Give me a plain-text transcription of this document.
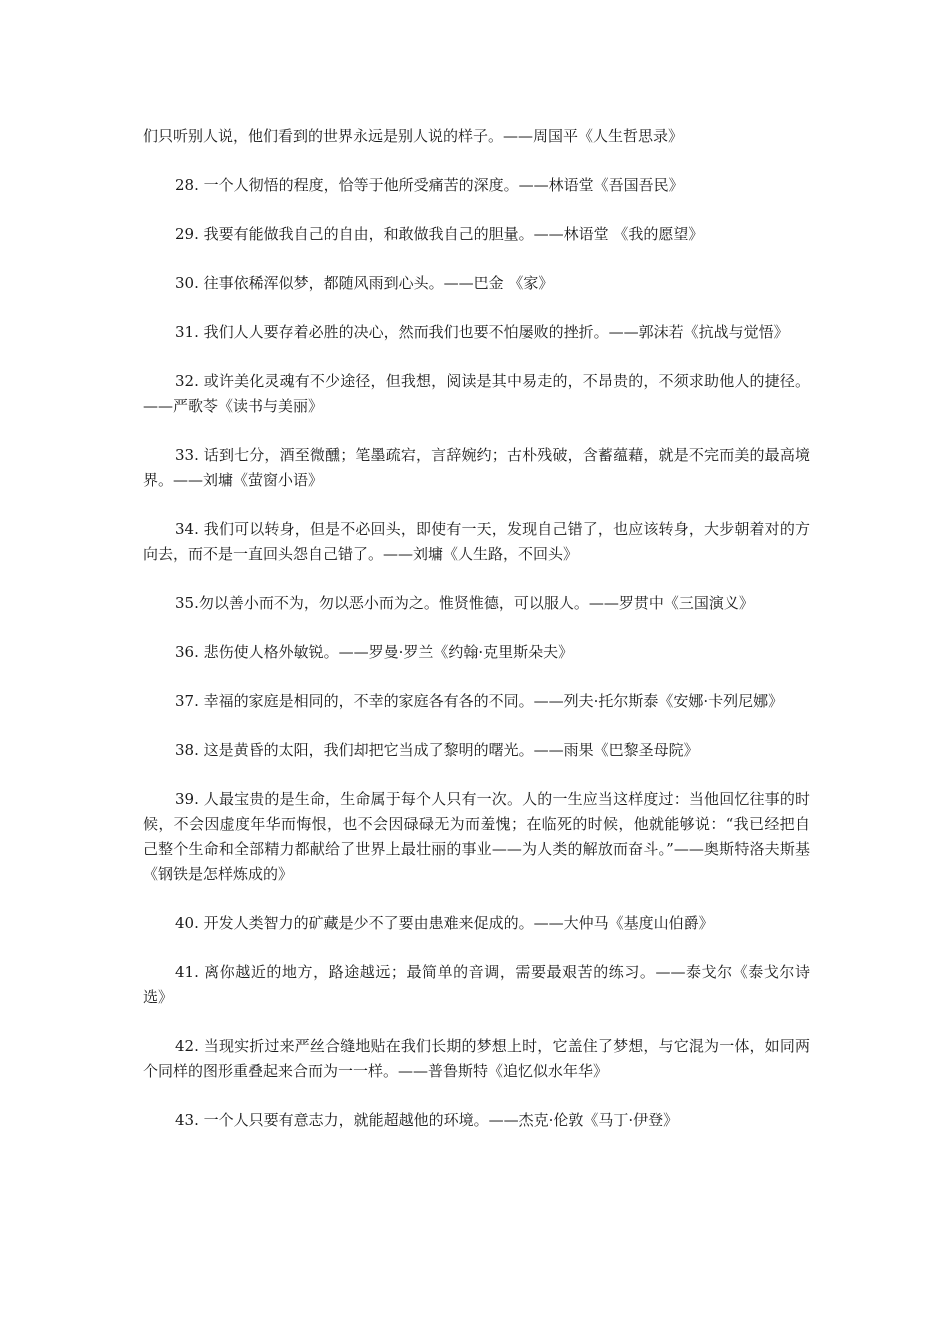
们只听别人说，他们看到的世界永远是别人说的样子。——周国平《人生哲思录》

28. 一个人彻悟的程度，恰等于他所受痛苦的深度。——林语堂《吾国吾民》

29. 我要有能做我自己的自由，和敢做我自己的胆量。——林语堂 《我的愿望》

30. 往事依稀浑似梦，都随风雨到心头。——巴金 《家》

31. 我们人人要存着必胜的决心，然而我们也要不怕屡败的挫折。——郭沫若《抗战与觉悟》

32. 或许美化灵魂有不少途径，但我想，阅读是其中易走的，不昂贵的，不须求助他人的捷径。——严歌苓《读书与美丽》

33. 话到七分，酒至微醺；笔墨疏宕，言辞婉约；古朴残破，含蓄蕴藉，就是不完而美的最高境界。——刘墉《萤窗小语》

34. 我们可以转身，但是不必回头，即使有一天，发现自己错了，也应该转身，大步朝着对的方向去，而不是一直回头怨自己错了。——刘墉《人生路，不回头》

35.勿以善小而不为，勿以恶小而为之。惟贤惟德，可以服人。——罗贯中《三国演义》

36. 悲伤使人格外敏锐。——罗曼·罗兰《约翰·克里斯朵夫》

37. 幸福的家庭是相同的，不幸的家庭各有各的不同。——列夫·托尔斯泰《安娜·卡列尼娜》

38. 这是黄昏的太阳，我们却把它当成了黎明的曙光。——雨果《巴黎圣母院》

39. 人最宝贵的是生命，生命属于每个人只有一次。人的一生应当这样度过：当他回忆往事的时候，不会因虚度年华而悔恨，也不会因碌碌无为而羞愧；在临死的时候，他就能够说：“我已经把自己整个生命和全部精力都献给了世界上最壮丽的事业——为人类的解放而奋斗。”——奥斯特洛夫斯基《钢铁是怎样炼成的》

40. 开发人类智力的矿藏是少不了要由患难来促成的。——大仲马《基度山伯爵》

41. 离你越近的地方，路途越远；最简单的音调，需要最艰苦的练习。——泰戈尔《泰戈尔诗选》

42. 当现实折过来严丝合缝地贴在我们长期的梦想上时，它盖住了梦想，与它混为一体，如同两个同样的图形重叠起来合而为一一样。——普鲁斯特《追忆似水年华》

43. 一个人只要有意志力，就能超越他的环境。——杰克·伦敦《马丁·伊登》
